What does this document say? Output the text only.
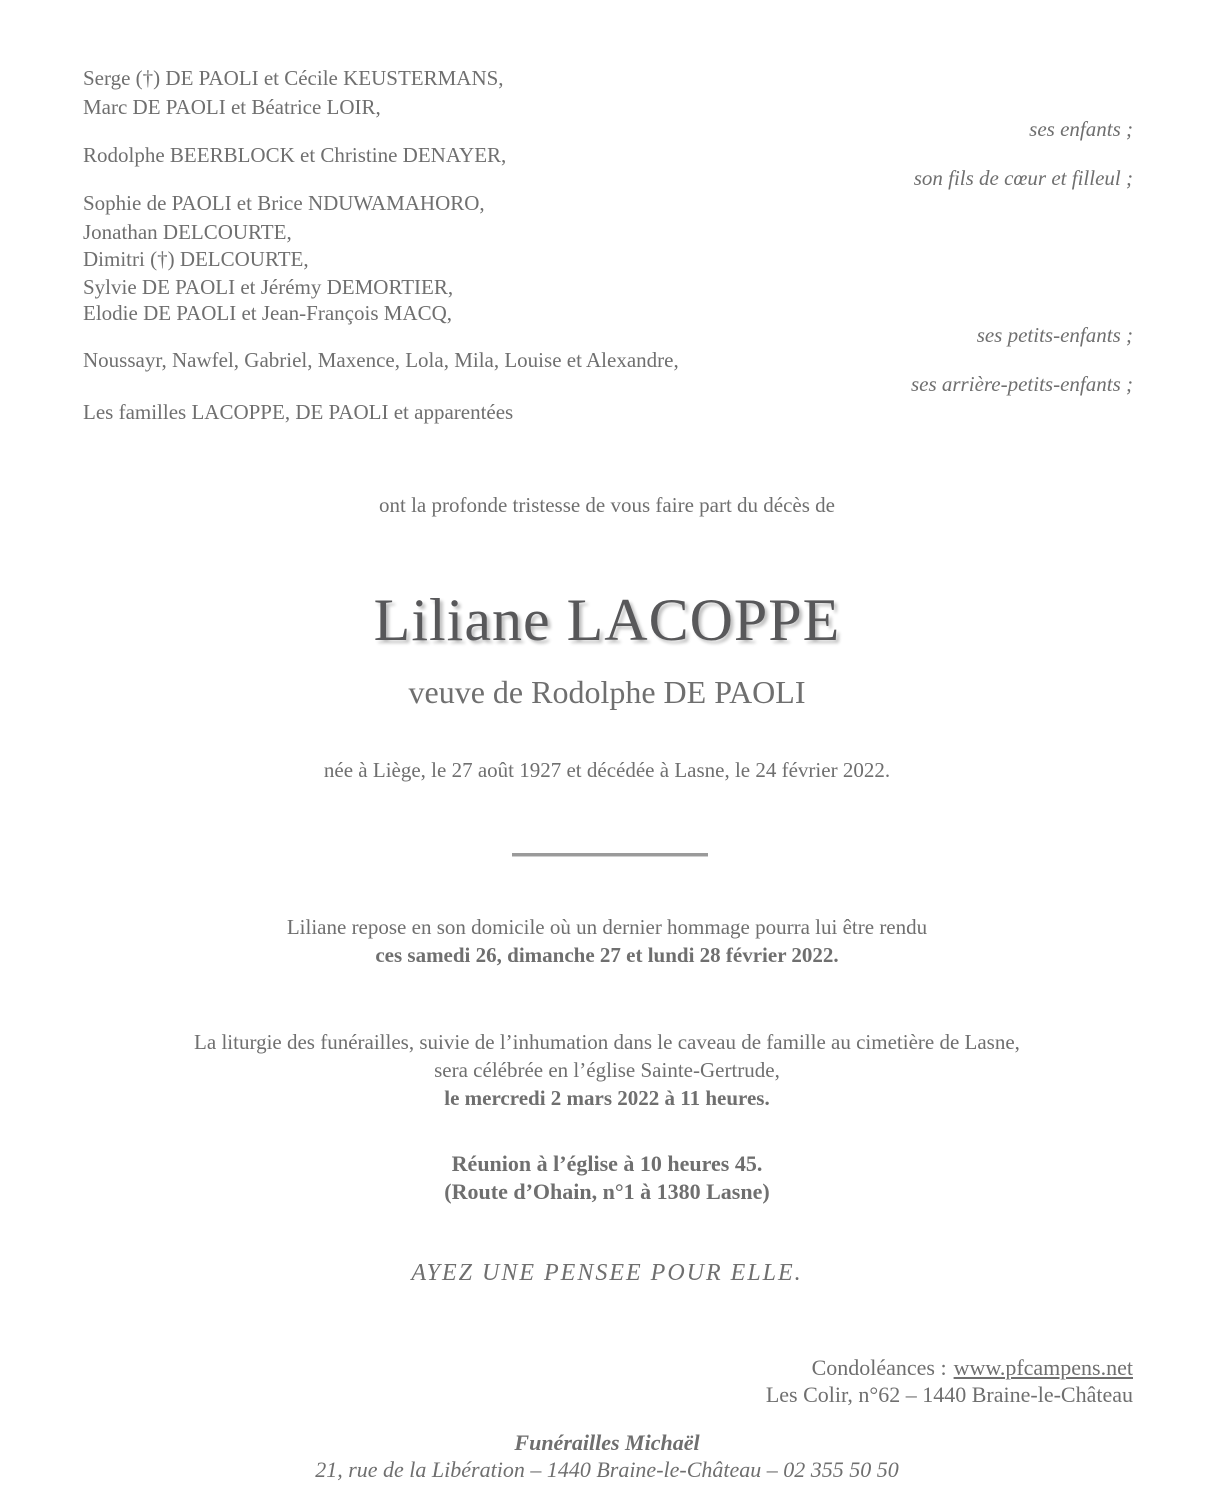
Serge (†) DE PAOLI et Cécile KEUSTERMANS,
Marc DE PAOLI et Béatrice LOIR,
ses enfants ;
Rodolphe BEERBLOCK et Christine DENAYER,
son fils de cœur et filleul ;
Sophie de PAOLI et Brice NDUWAMAHORO,
Jonathan DELCOURTE,
Dimitri (†) DELCOURTE,
Sylvie DE PAOLI et Jérémy DEMORTIER,
Elodie DE PAOLI et Jean-François MACQ,
ses petits-enfants ;
Noussayr, Nawfel, Gabriel, Maxence, Lola, Mila, Louise et Alexandre,
ses arrière-petits-enfants ;
Les familles LACOPPE, DE PAOLI et apparentées
ont la profonde tristesse de vous faire part du décès de
Liliane LACOPPE
veuve de Rodolphe DE PAOLI
née à Liège, le 27 août 1927 et décédée à Lasne, le 24 février 2022.
Liliane repose en son domicile où un dernier hommage pourra lui être rendu
ces samedi 26, dimanche 27 et lundi 28 février 2022.
La liturgie des funérailles, suivie de l’inhumation dans le caveau de famille au cimetière de Lasne,
sera célébrée en l’église Sainte-Gertrude,
le mercredi 2 mars 2022 à 11 heures.
Réunion à l’église à 10 heures 45.
(Route d’Ohain, n°1 à 1380 Lasne)
AYEZ UNE PENSEE POUR ELLE.
Condoléances : www.pfcampens.net
Les Colir, n°62 – 1440 Braine-le-Château
Funérailles Michaël
21, rue de la Libération – 1440 Braine-le-Château – 02 355 50 50
